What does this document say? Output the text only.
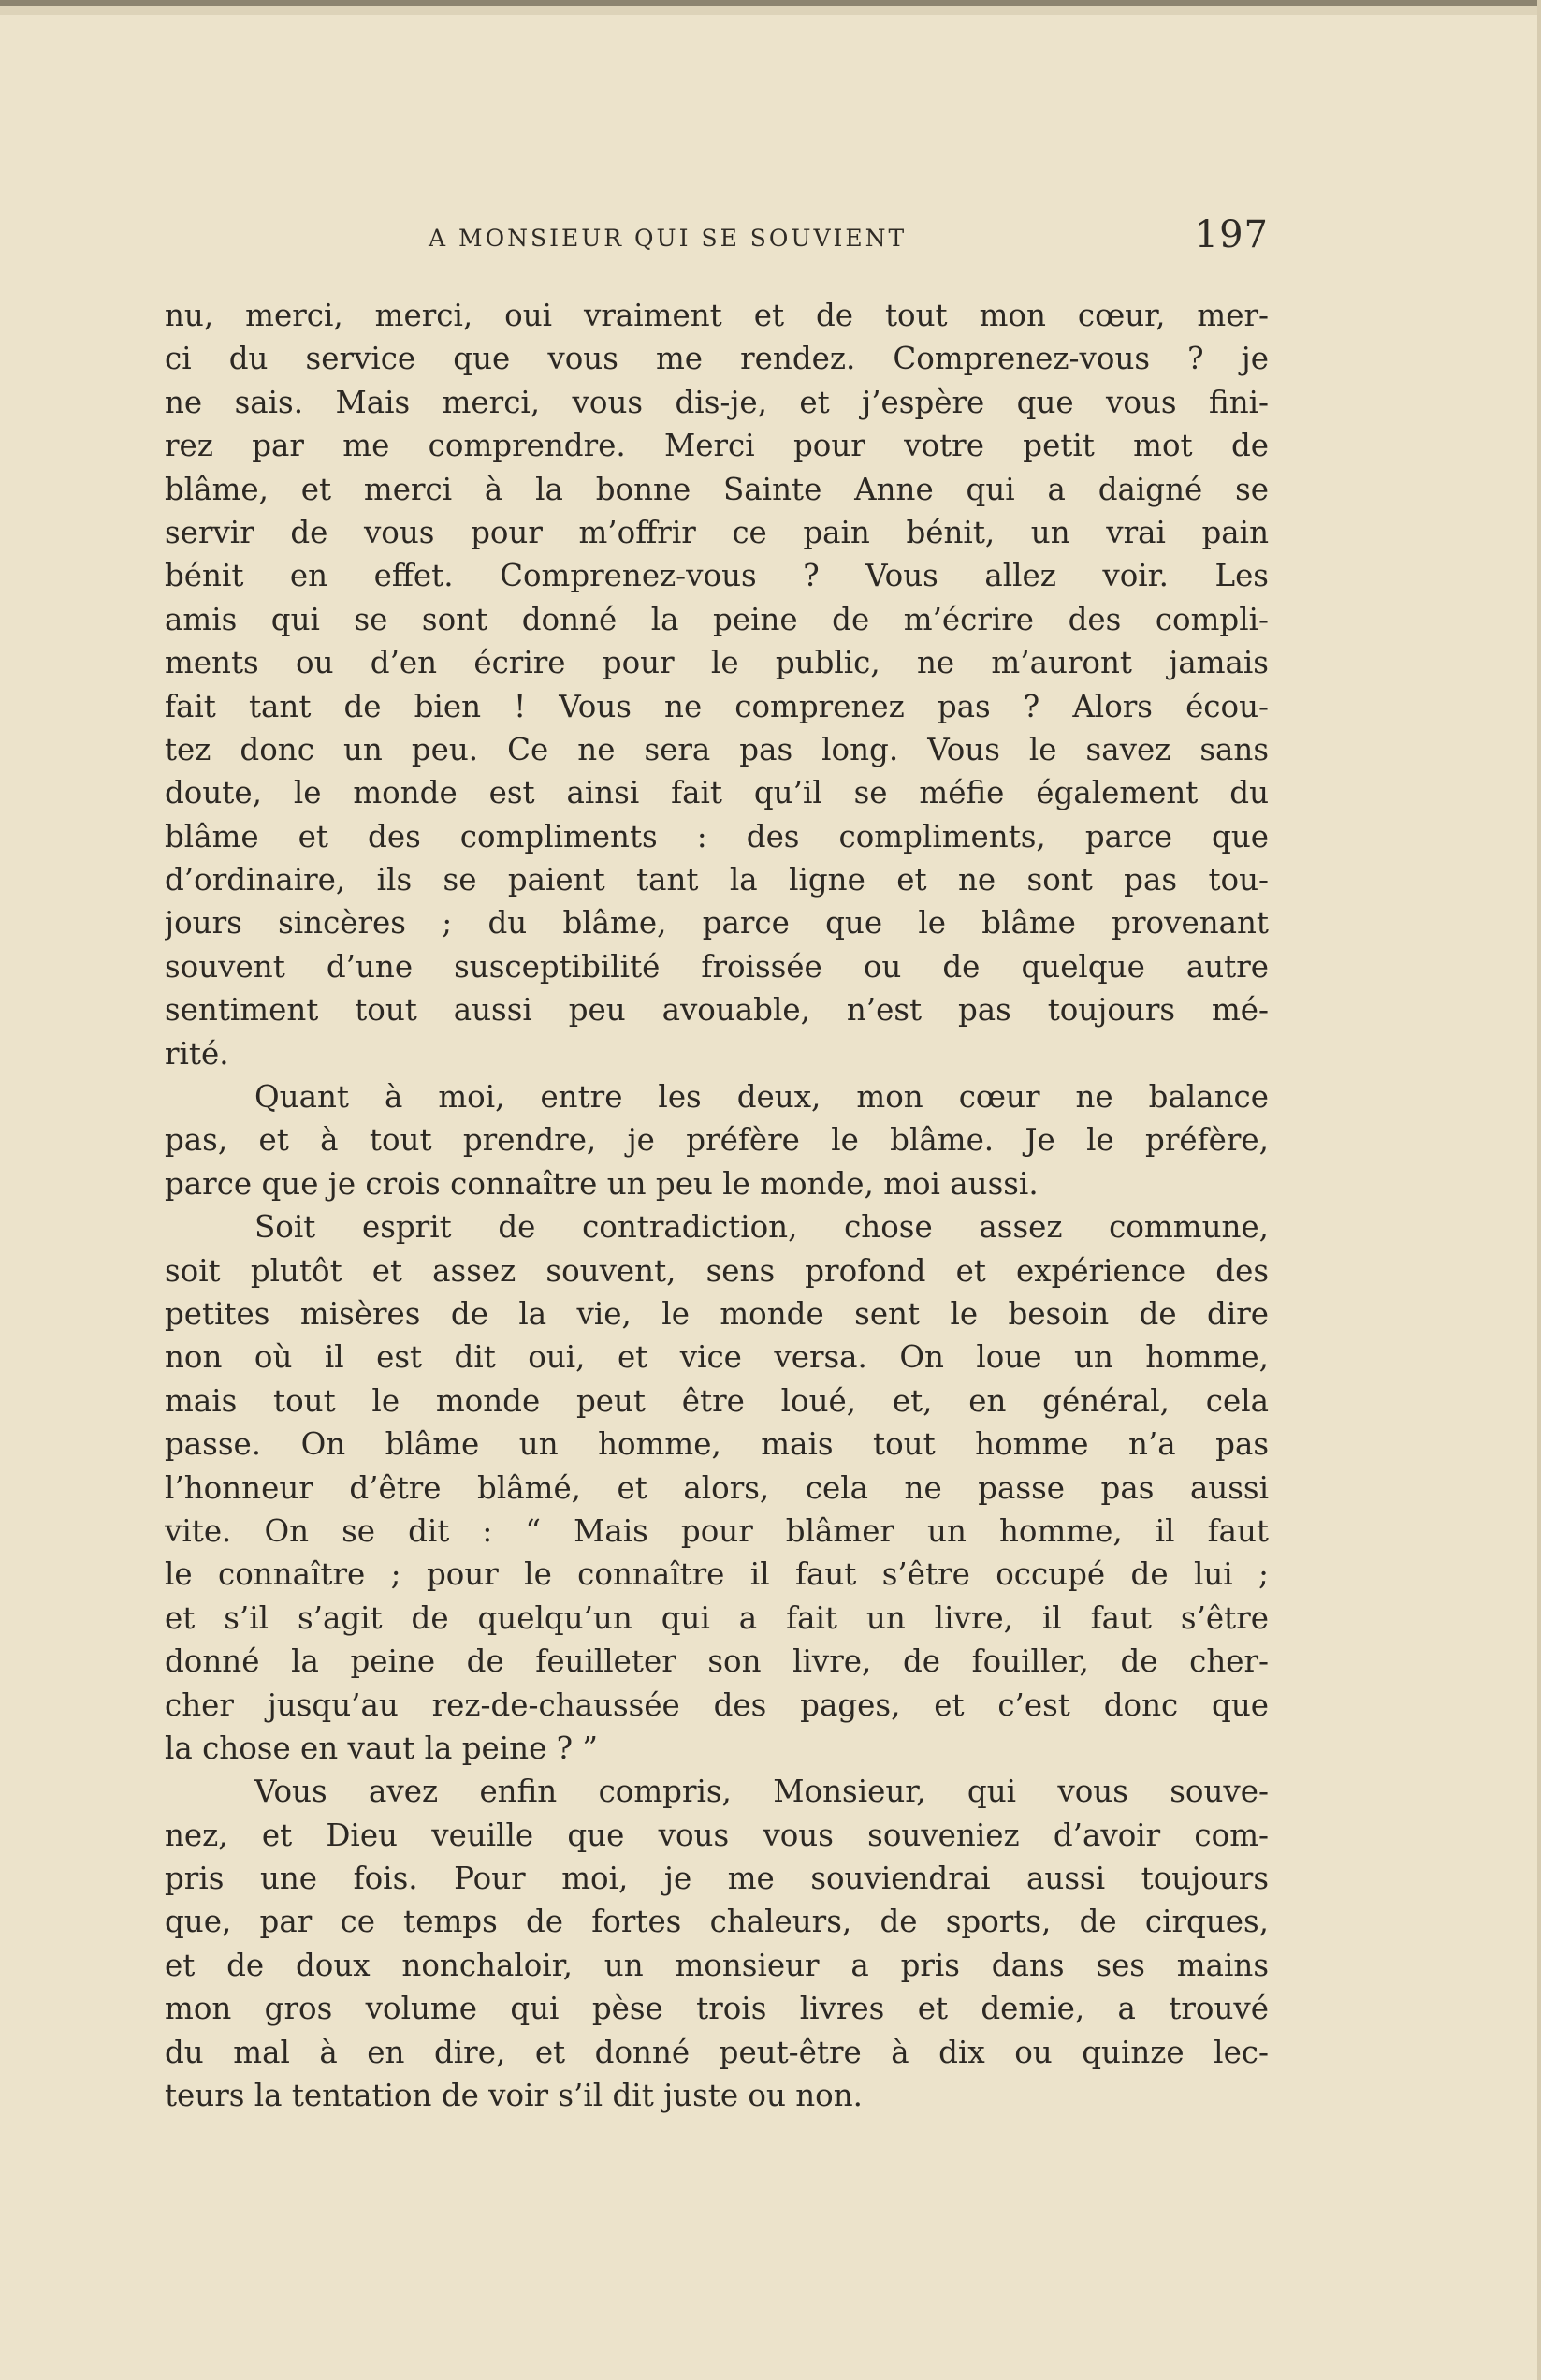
A MONSIEUR QUI SE SOUVIENT	197
nu, merci, merci, oui vraiment et de tout mon cœur, mer-
ci du service que vous me rendez. Comprenez-vous ? je
ne sais. Mais merci, vous dis-je, et j’espère que vous fini-
rez par me comprendre. Merci pour votre petit mot de
blâme, et merci à la bonne Sainte Anne qui a daigné se
servir de vous pour m’offrir ce pain bénit, un vrai pain
bénit en effet. Comprenez-vous ? Vous allez voir. Les
amis qui se sont donné la peine de m’écrire des compli-
ments ou d’en écrire pour le public, ne m’auront jamais
fait tant de bien ! Vous ne comprenez pas ? Alors écou-
tez donc un peu. Ce ne sera pas long. Vous le savez sans
doute, le monde est ainsi fait qu’il se méfie également du
blâme et des compliments : des compliments, parce que
d’ordinaire, ils se paient tant la ligne et ne sont pas tou-
jours sincères ; du blâme, parce que le blâme provenant
souvent d’une susceptibilité froissée ou de quelque autre
sentiment tout aussi peu avouable, n’est pas toujours mé-
rité.
Quant à moi, entre les deux, mon cœur ne balance
pas, et à tout prendre, je préfère le blâme. Je le préfère,
parce que je crois connaître un peu le monde, moi aussi.
Soit esprit de contradiction, chose assez commune,
soit plutôt et assez souvent, sens profond et expérience des
petites misères de la vie, le monde sent le besoin de dire
non où il est dit oui, et vice versa. On loue un homme,
mais tout le monde peut être loué, et, en général, cela
passe. On blâme un homme, mais tout homme n’a pas
l’honneur d’être blâmé, et alors, cela ne passe pas aussi
vite. On se dit : “ Mais pour blâmer un homme, il faut
le connaître ; pour le connaître il faut s’être occupé de lui ;
et s’il s’agit de quelqu’un qui a fait un livre, il faut s’être
donné la peine de feuilleter son livre, de fouiller, de cher-
cher jusqu’au rez-de-chaussée des pages, et c’est donc que
la chose en vaut la peine ? ”
Vous avez enfin compris, Monsieur, qui vous souve-
nez, et Dieu veuille que vous vous souveniez d’avoir com-
pris une fois. Pour moi, je me souviendrai aussi toujours
que, par ce temps de fortes chaleurs, de sports, de cirques,
et de doux nonchaloir, un monsieur a pris dans ses mains
mon gros volume qui pèse trois livres et demie, a trouvé
du mal à en dire, et donné peut-être à dix ou quinze lec-
teurs la tentation de voir s’il dit juste ou non.
